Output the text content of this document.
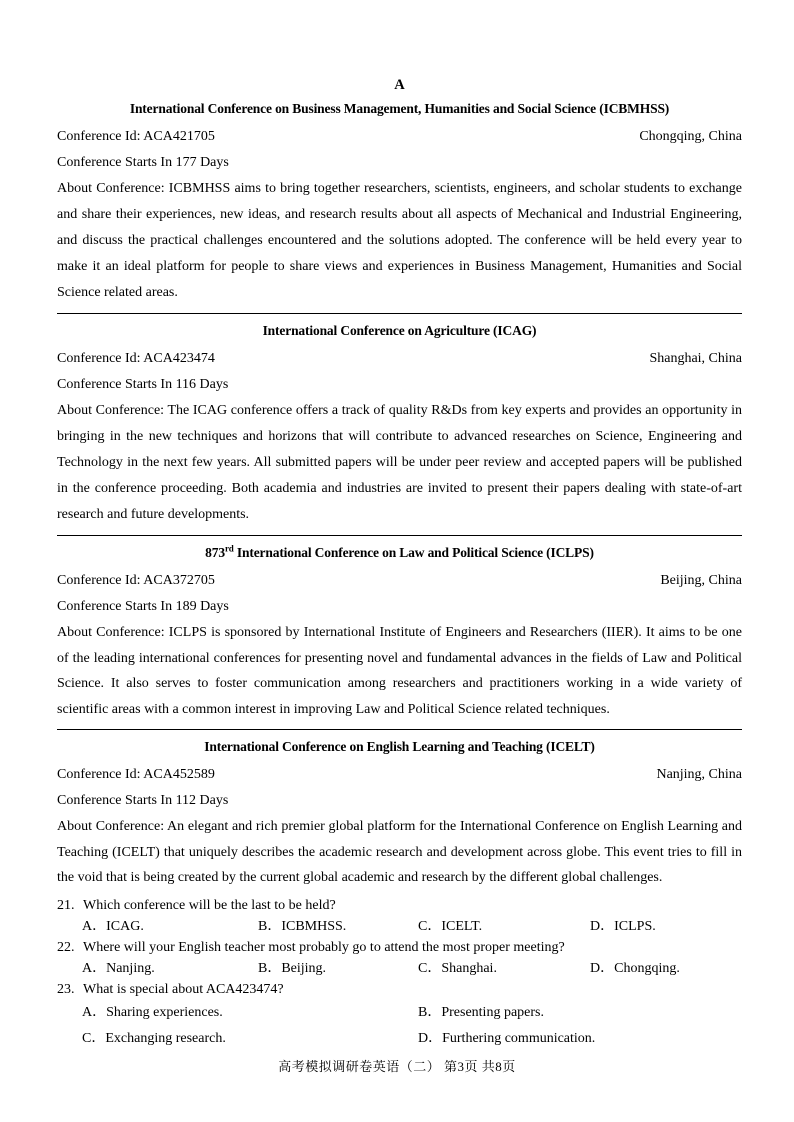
A
International Conference on Business Management, Humanities and Social Science (ICBMHSS)
Conference Id: ACA421705	Chongqing, China
Conference Starts In 177 Days
About Conference: ICBMHSS aims to bring together researchers, scientists, engineers, and scholar students to exchange and share their experiences, new ideas, and research results about all aspects of Mechanical and Industrial Engineering, and discuss the practical challenges encountered and the solutions adopted. The conference will be held every year to make it an ideal platform for people to share views and experiences in Business Management, Humanities and Social Science related areas.
International Conference on Agriculture (ICAG)
Conference Id: ACA423474	Shanghai, China
Conference Starts In 116 Days
About Conference: The ICAG conference offers a track of quality R&Ds from key experts and provides an opportunity in bringing in the new techniques and horizons that will contribute to advanced researches on Science, Engineering and Technology in the next few years. All submitted papers will be under peer review and accepted papers will be published in the conference proceeding. Both academia and industries are invited to present their papers dealing with state-of-art research and future developments.
873rd International Conference on Law and Political Science (ICLPS)
Conference Id: ACA372705	Beijing, China
Conference Starts In 189 Days
About Conference: ICLPS is sponsored by International Institute of Engineers and Researchers (IIER). It aims to be one of the leading international conferences for presenting novel and fundamental advances in the fields of Law and Political Science. It also serves to foster communication among researchers and practitioners working in a wide variety of scientific areas with a common interest in improving Law and Political Science related techniques.
International Conference on English Learning and Teaching (ICELT)
Conference Id: ACA452589	Nanjing, China
Conference Starts In 112 Days
About Conference: An elegant and rich premier global platform for the International Conference on English Learning and Teaching (ICELT) that uniquely describes the academic research and development across globe. This event tries to fill in the void that is being created by the current global academic and research by the different global challenges.
21. Which conference will be the last to be held?
A．ICAG.	B．ICBMHSS.	C．ICELT.	D．ICLPS.
22. Where will your English teacher most probably go to attend the most proper meeting?
A．Nanjing.	B．Beijing.	C．Shanghai.	D．Chongqing.
23. What is special about ACA423474?
A．Sharing experiences.	B．Presenting papers.
C．Exchanging research.	D．Furthering communication.
高考模拟调研卷英语（二） 第3页 共8页
